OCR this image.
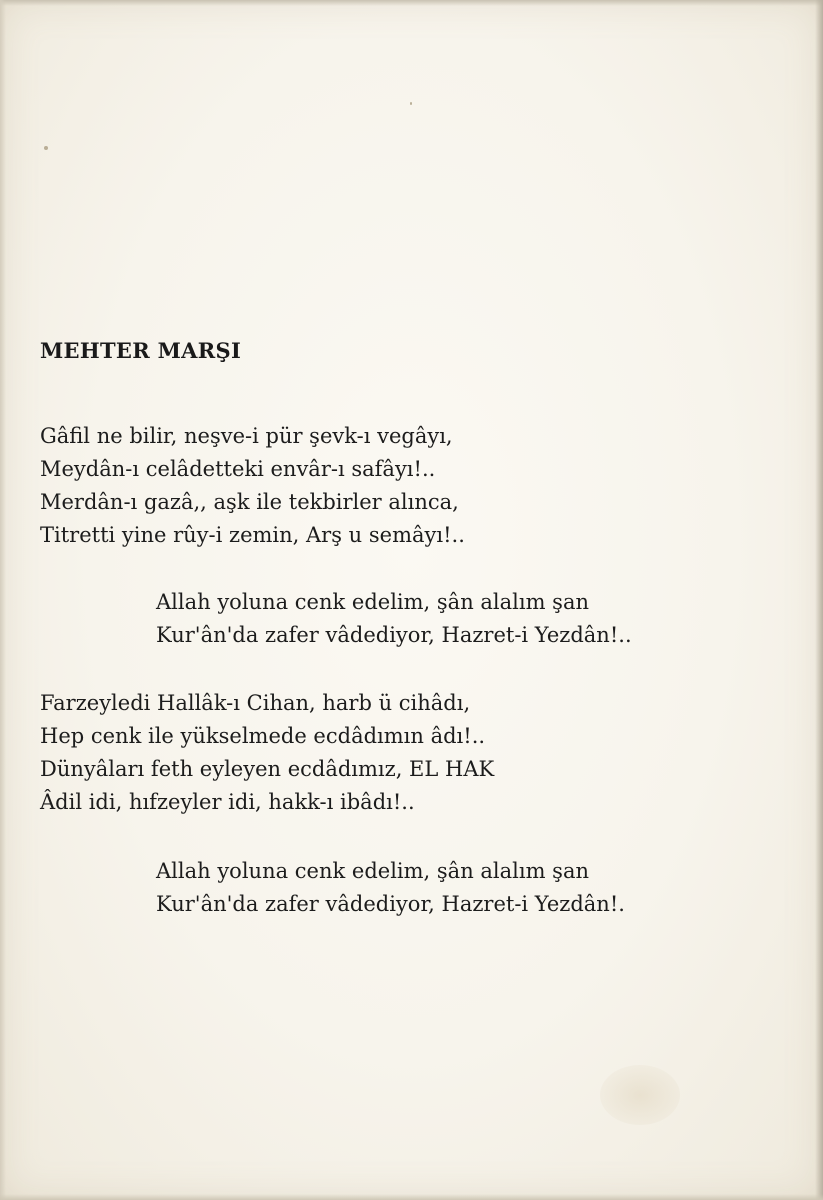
MEHTER MARŞI
Gâfil ne bilir, neşve-i pür şevk-ı vegâyı,
Meydân-ı celâdetteki envâr-ı safâyı!..
Merdân-ı gazâ,, aşk ile tekbirler alınca,
Titretti yine rûy-i zemin, Arş u semâyı!..
Allah yoluna cenk edelim, şân alalım şan
Kur'ân'da zafer vâdediyor, Hazret-i Yezdân!..
Farzeyledi Hallâk-ı Cihan, harb ü cihâdı,
Hep cenk ile yükselmede ecdâdımın âdı!..
Dünyâları feth eyleyen ecdâdımız, EL HAK
Âdil idi, hıfzeyler idi, hakk-ı ibâdı!..
Allah yoluna cenk edelim, şân alalım şan
Kur'ân'da zafer vâdediyor, Hazret-i Yezdân!.
